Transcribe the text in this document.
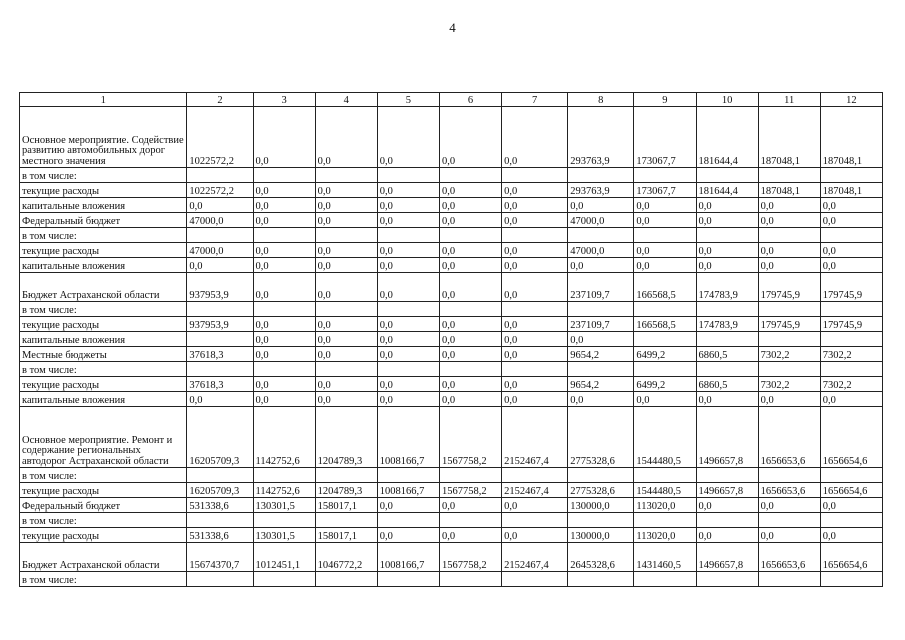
4
1	2	3	4	5	6	7	8	9	10	11	12
Основное мероприятие. Содействие развитию автомобильных дорог местного значения	1022572,2	0,0	0,0	0,0	0,0	0,0	293763,9	173067,7	181644,4	187048,1	187048,1
в том числе:											
текущие расходы	1022572,2	0,0	0,0	0,0	0,0	0,0	293763,9	173067,7	181644,4	187048,1	187048,1
капитальные вложения	0,0	0,0	0,0	0,0	0,0	0,0	0,0	0,0	0,0	0,0	0,0
Федеральный бюджет	47000,0	0,0	0,0	0,0	0,0	0,0	47000,0	0,0	0,0	0,0	0,0
в том числе:											
текущие расходы	47000,0	0,0	0,0	0,0	0,0	0,0	47000,0	0,0	0,0	0,0	0,0
капитальные вложения	0,0	0,0	0,0	0,0	0,0	0,0	0,0	0,0	0,0	0,0	0,0
Бюджет Астраханской области	937953,9	0,0	0,0	0,0	0,0	0,0	237109,7	166568,5	174783,9	179745,9	179745,9
в том числе:											
текущие расходы	937953,9	0,0	0,0	0,0	0,0	0,0	237109,7	166568,5	174783,9	179745,9	179745,9
капитальные вложения		0,0	0,0	0,0	0,0	0,0	0,0				
Местные бюджеты	37618,3	0,0	0,0	0,0	0,0	0,0	9654,2	6499,2	6860,5	7302,2	7302,2
в том числе:											
текущие расходы	37618,3	0,0	0,0	0,0	0,0	0,0	9654,2	6499,2	6860,5	7302,2	7302,2
капитальные вложения	0,0	0,0	0,0	0,0	0,0	0,0	0,0	0,0	0,0	0,0	0,0
Основное мероприятие. Ремонт и содержание региональных автодорог Астраханской области	16205709,3	1142752,6	1204789,3	1008166,7	1567758,2	2152467,4	2775328,6	1544480,5	1496657,8	1656653,6	1656654,6
в том числе:											
текущие расходы	16205709,3	1142752,6	1204789,3	1008166,7	1567758,2	2152467,4	2775328,6	1544480,5	1496657,8	1656653,6	1656654,6
Федеральный бюджет	531338,6	130301,5	158017,1	0,0	0,0	0,0	130000,0	113020,0	0,0	0,0	0,0
в том числе:											
текущие расходы	531338,6	130301,5	158017,1	0,0	0,0	0,0	130000,0	113020,0	0,0	0,0	0,0
Бюджет Астраханской области	15674370,7	1012451,1	1046772,2	1008166,7	1567758,2	2152467,4	2645328,6	1431460,5	1496657,8	1656653,6	1656654,6
в том числе:											
